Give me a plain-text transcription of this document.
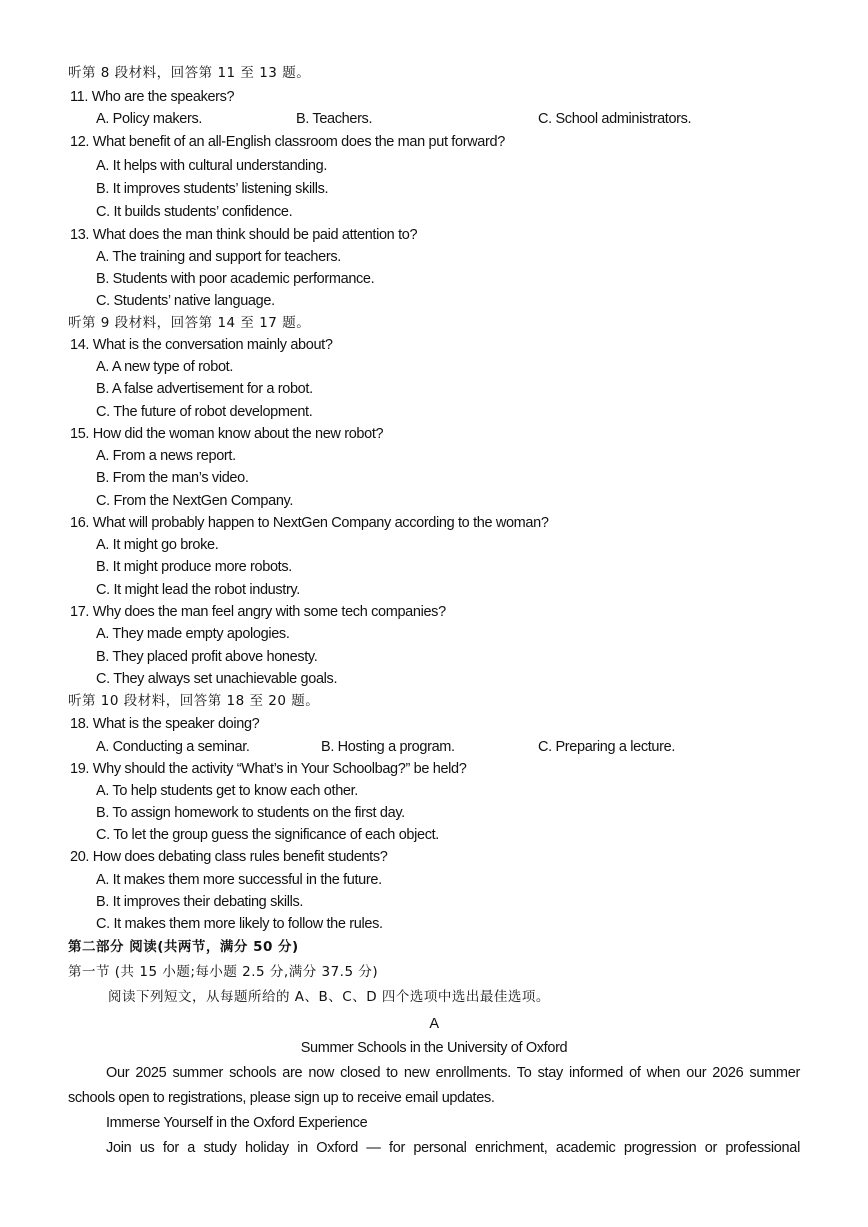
听第 8 段材料，回答第 11 至 13 题。
11. Who are the speakers?
A. Policy makers.	B. Teachers.	C. School administrators.
12. What benefit of an all-English classroom does the man put forward?
A. It helps with cultural understanding.
B. It improves students’ listening skills.
C. It builds students’ confidence.
13. What does the man think should be paid attention to?
A. The training and support for teachers.
B. Students with poor academic performance.
C. Students’ native language.
听第 9 段材料，回答第 14 至 17 题。
14. What is the conversation mainly about?
A. A new type of robot.
B. A false advertisement for a robot.
C. The future of robot development.
15. How did the woman know about the new robot?
A. From a news report.
B. From the man’s video.
C. From the NextGen Company.
16. What will probably happen to NextGen Company according to the woman?
A. It might go broke.
B. It might produce more robots.
C. It might lead the robot industry.
17. Why does the man feel angry with some tech companies?
A. They made empty apologies.
B. They placed profit above honesty.
C. They always set unachievable goals.
听第 10 段材料，回答第 18 至 20 题。
18. What is the speaker doing?
A. Conducting a seminar.	B. Hosting a program.	C. Preparing a lecture.
19. Why should the activity “What’s in Your Schoolbag?” be held?
A. To help students get to know each other.
B. To assign homework to students on the first day.
C. To let the group guess the significance of each object.
20. How does debating class rules benefit students?
A. It makes them more successful in the future.
B. It improves their debating skills.
C. It makes them more likely to follow the rules.
第二部分 阅读(共两节，满分 50 分)
第一节 (共 15 小题;每小题 2.5 分,满分 37.5 分)
阅读下列短文，从每题所给的 A、B、C、D 四个选项中选出最佳选项。
A
Summer Schools in the University of Oxford
Our 2025 summer schools are now closed to new enrollments. To stay informed of when our 2026 summer
schools open to registrations, please sign up to receive email updates.
Immerse Yourself in the Oxford Experience
Join us for a study holiday in Oxford — for personal enrichment, academic progression or professional
